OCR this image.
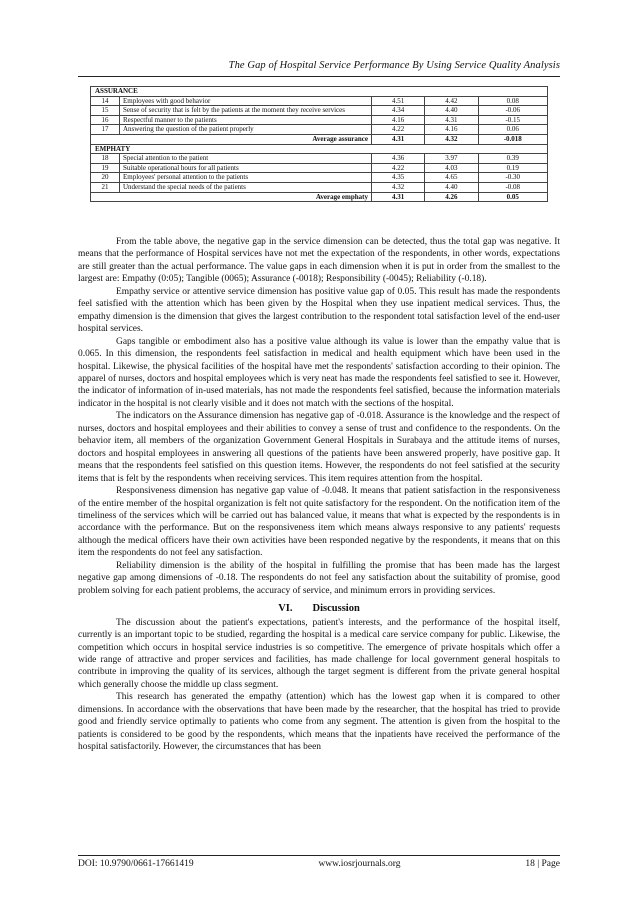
The Gap of Hospital Service Performance By Using Service Quality Analysis
ASSURANCE				
14	Employees with good behavior	4.51	4.42	0.08
15	Sense of security that is felt by the patients at the moment they receive services	4.34	4.40	-0.06
16	Respectful manner to the patients	4.16	4.31	-0.15
17	Answering the question of the patient properly	4.22	4.16	0.06
Average assurance		4.31	4.32	-0.018
EMPHATY				
18	Special attention to the patient	4.36	3.97	0.39
19	Suitable operational hours for all patients	4.22	4.03	0.19
20	Employees' personal attention to the patients	4.35	4.65	-0.30
21	Understand the special needs of the patients	4.32	4.40	-0.08
Average emphaty		4.31	4.26	0.05

From the table above, the negative gap in the service dimension can be detected, thus the total gap was negative. It means that the performance of Hospital services have not met the expectation of the respondents, in other words, expectations are still greater than the actual performance. The value gaps in each dimension when it is put in order from the smallest to the largest are: Empathy (0:05); Tangible (0065); Assurance (-0018); Responsibility (-0045); Reliability (-0.18).

Empathy service or attentive service dimension has positive value gap of 0.05. This result has made the respondents feel satisfied with the attention which has been given by the Hospital when they use inpatient medical services. Thus, the empathy dimension is the dimension that gives the largest contribution to the respondent total satisfaction level of the end-user hospital services.

Gaps tangible or embodiment also has a positive value although its value is lower than the empathy value that is 0.065. In this dimension, the respondents feel satisfaction in medical and health equipment which have been used in the hospital. Likewise, the physical facilities of the hospital have met the respondents' satisfaction according to their opinion. The apparel of nurses, doctors and hospital employees which is very neat has made the respondents feel satisfied to see it. However, the indicator of information of in-used materials, has not made the respondents feel satisfied, because the information materials indicator in the hospital is not clearly visible and it does not match with the sections of the hospital.

The indicators on the Assurance dimension has negative gap of -0.018. Assurance is the knowledge and the respect of nurses, doctors and hospital employees and their abilities to convey a sense of trust and confidence to the respondents. On the behavior item, all members of the organization Government General Hospitals in Surabaya and the attitude items of nurses, doctors and hospital employees in answering all questions of the patients have been answered properly, have positive gap. It means that the respondents feel satisfied on this question items. However, the respondents do not feel satisfied at the security items that is felt by the respondents when receiving services. This item requires attention from the hospital.

Responsiveness dimension has negative gap value of -0.048. It means that patient satisfaction in the responsiveness of the entire member of the hospital organization is felt not quite satisfactory for the respondent. On the notification item of the timeliness of the services which will be carried out has balanced value, it means that what is expected by the respondents is in accordance with the performance. But on the responsiveness item which means always responsive to any patients' requests although the medical officers have their own activities have been responded negative by the respondents, it means that on this item the respondents do not feel any satisfaction.

Reliability dimension is the ability of the hospital in fulfilling the promise that has been made has the largest negative gap among dimensions of -0.18. The respondents do not feel any satisfaction about the suitability of promise, good problem solving for each patient problems, the accuracy of service, and minimum errors in providing services.

VI. Discussion

The discussion about the patient's expectations, patient's interests, and the performance of the hospital itself, currently is an important topic to be studied, regarding the hospital is a medical care service company for public. Likewise, the competition which occurs in hospital service industries is so competitive. The emergence of private hospitals which offer a wide range of attractive and proper services and facilities, has made challenge for local government general hospitals to contribute in improving the quality of its services, although the target segment is different from the private general hospital which generally choose the middle up class segment.

This research has generated the empathy (attention) which has the lowest gap when it is compared to other dimensions. In accordance with the observations that have been made by the researcher, that the hospital has tried to provide good and friendly service optimally to patients who come from any segment. The attention is given from the hospital to the patients is considered to be good by the respondents, which means that the inpatients have received the performance of the hospital satisfactorily. However, the circumstances that has been

DOI: 10.9790/0661-17661419	www.iosrjournals.org	18 | Page
